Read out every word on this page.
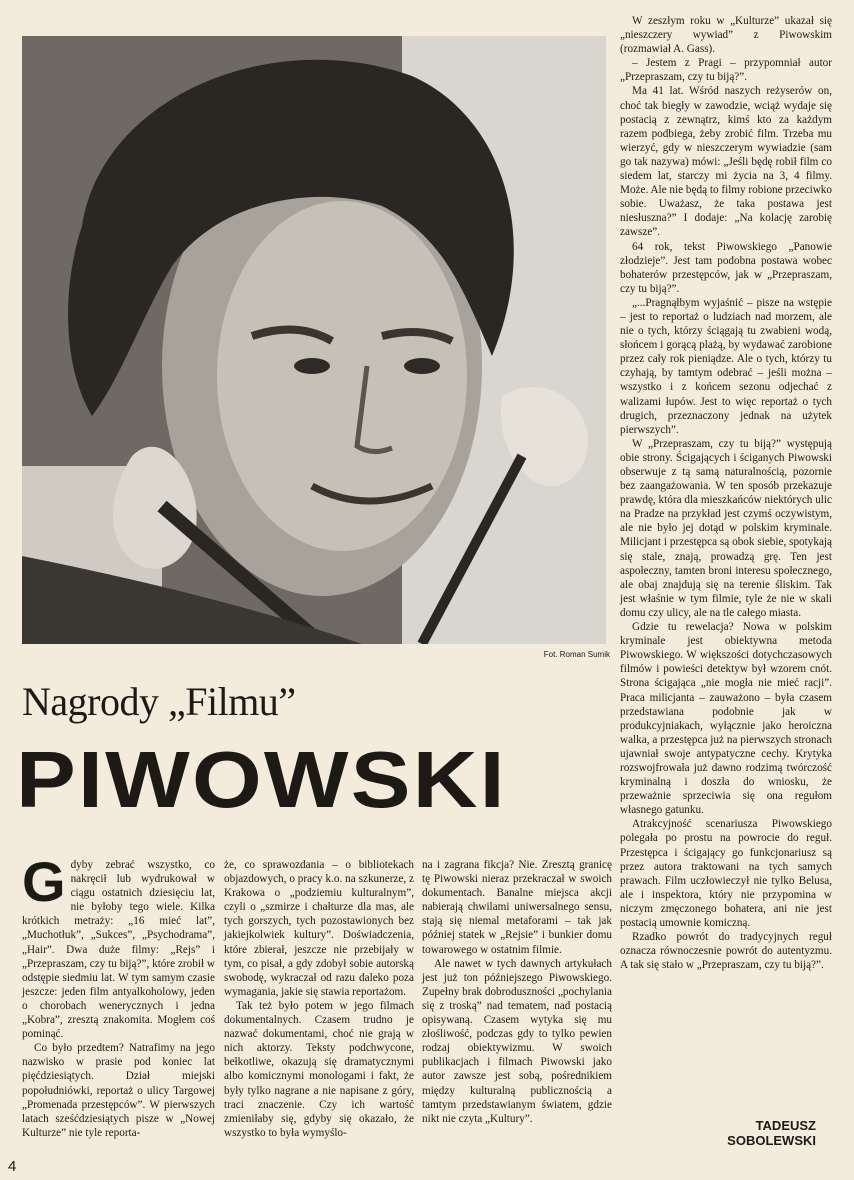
Fot. Roman Sumik
Nagrody „Filmu”
PIWOWSKI

Gdyby zebrać wszystko, co nakręcił lub wydrukował w ciągu ostatnich dziesięciu lat, nie byłoby tego wiele. Kilka krótkich metraży: „16 mieć lat”, „Muchotłuk”, „Sukces”, „Psychodrama”, „Hair”. Dwa duże filmy: „Rejs” i „Przepraszam, czy tu biją?”, które zrobił w odstępie siedmiu lat. W tym samym czasie jeszcze: jeden film antyalkoholowy, jeden o chorobach wenerycznych i jedna „Kobra”, zresztą znakomita. Mogłem coś pominąć.

Co było przedtem? Natrafimy na jego nazwisko w prasie pod koniec lat pięćdziesiątych. Dział miejski popołudniówki, reportaż o ulicy Targowej „Promenada przestępców”. W pierwszych latach sześćdziesiątych pisze w „Nowej Kulturze” nie tyle reporta-

że, co sprawozdania – o bibliotekach objazdowych, o pracy k.o. na szkunerze, z Krakowa o „podziemiu kulturalnym”, czyli o „szmirze i chałturze dla mas, ale tych gorszych, tych pozostawionych bez jakiejkolwiek kultury”. Doświadczenia, które zbierał, jeszcze nie przebijały w tym, co pisał, a gdy zdobył sobie autorską swobodę, wykraczał od razu daleko poza wymagania, jakie się stawia reportażom.

Tak też było potem w jego filmach dokumentalnych. Czasem trudno je nazwać dokumentami, choć nie grają w nich aktorzy. Teksty podchwycone, bełkotliwe, okazują się dramatycznymi albo komicznymi monologami i fakt, że były tylko nagrane a nie napisane z góry, traci znaczenie. Czy ich wartość zmieniłaby się, gdyby się okazało, że wszystko to była wymyślo-

na i zagrana fikcja? Nie. Zresztą granicę tę Piwowski nieraz przekraczał w swoich dokumentach. Banalne miejsca akcji nabierają chwilami uniwersalnego sensu, stają się niemal metaforami – tak jak później statek w „Rejsie” i bunkier domu towarowego w ostatnim filmie.

Ale nawet w tych dawnych artykułach jest już ton późniejszego Piwowskiego. Zupełny brak dobroduszności „pochylania się z troską” nad tematem, nad postacią opisywaną. Czasem wytyka się mu złośliwość, podczas gdy to tylko pewien rodzaj obiektywizmu. W swoich publikacjach i filmach Piwowski jako autor zawsze jest sobą, pośrednikiem między kulturalną publicznością a tamtym przedstawianym światem, gdzie nikt nie czyta „Kultury”.

W zeszłym roku w „Kulturze” ukazał się „nieszczery wywiad” z Piwowskim (rozmawiał A. Gass).

– Jestem z Pragi – przypomniał autor „Przepraszam, czy tu biją?”.

Ma 41 lat. Wśród naszych reżyserów on, choć tak biegły w zawodzie, wciąż wydaje się postacią z zewnątrz, kimś kto za każdym razem podbiega, żeby zrobić film. Trzeba mu wierzyć, gdy w nieszczerym wywiadzie (sam go tak nazywa) mówi: „Jeśli będę robił film co siedem lat, starczy mi życia na 3, 4 filmy. Może. Ale nie będą to filmy robione przeciwko sobie. Uważasz, że taka postawa jest niesłuszna?” I dodaje: „Na kolację zarobię zawsze”.

64 rok, tekst Piwowskiego „Panowie złodzieje”. Jest tam podobna postawa wobec bohaterów przestępców, jak w „Przepraszam, czy tu biją?”.

„...Pragnąłbym wyjaśnić – pisze na wstępie – jest to reportaż o ludziach nad morzem, ale nie o tych, którzy ściągają tu zwabieni wodą, słońcem i gorącą plażą, by wydawać zarobione przez cały rok pieniądze. Ale o tych, którzy tu czyhają, by tamtym odebrać – jeśli można – wszystko i z końcem sezonu odjechać z walizami łupów. Jest to więc reportaż o tych drugich, przeznaczony jednak na użytek pierwszych”.

W „Przepraszam, czy tu biją?” występują obie strony. Ścigających i ściganych Piwowski obserwuje z tą samą naturalnością, pozornie bez zaangażowania. W ten sposób przekazuje prawdę, która dla mieszkańców niektórych ulic na Pradze na przykład jest czymś oczywistym, ale nie było jej dotąd w polskim kryminale. Milicjant i przestępca są obok siebie, spotykają się stale, znają, prowadzą grę. Ten jest aspołeczny, tamten broni interesu społecznego, ale obaj znajdują się na terenie śliskim. Tak jest właśnie w tym filmie, tyle że nie w skali domu czy ulicy, ale na tle całego miasta.

Gdzie tu rewelacja? Nowa w polskim kryminale jest obiektywna metoda Piwowskiego. W większości dotychczasowych filmów i powieści detektyw był wzorem cnót. Strona ścigająca „nie mogła nie mieć racji”. Praca milicjanta – zauważono – była czasem przedstawiana podobnie jak w produkcyjniakach, wyłącznie jako heroiczna walka, a przestępca już na pierwszych stronach ujawniał swoje antypatyczne cechy. Krytyka rozswojfrowała już dawno rodzimą twórczość kryminalną i doszła do wniosku, że przeważnie sprzeciwia się ona regułom własnego gatunku.

Atrakcyjność scenariusza Piwowskiego polegała po prostu na powrocie do reguł. Przestępca i ścigający go funkcjonariusz są przez autora traktowani na tych samych prawach. Film uczłowieczył nie tylko Belusa, ale i inspektora, który nie przypomina w niczym zmęczonego bohatera, ani nie jest postacią umownie komiczną.

Rzadko powrót do tradycyjnych reguł oznacza równoczesnie powrót do autentyzmu. A tak się stało w „Przepraszam, czy tu biją?”.

TADEUSZ
SOBOLEWSKI
4
